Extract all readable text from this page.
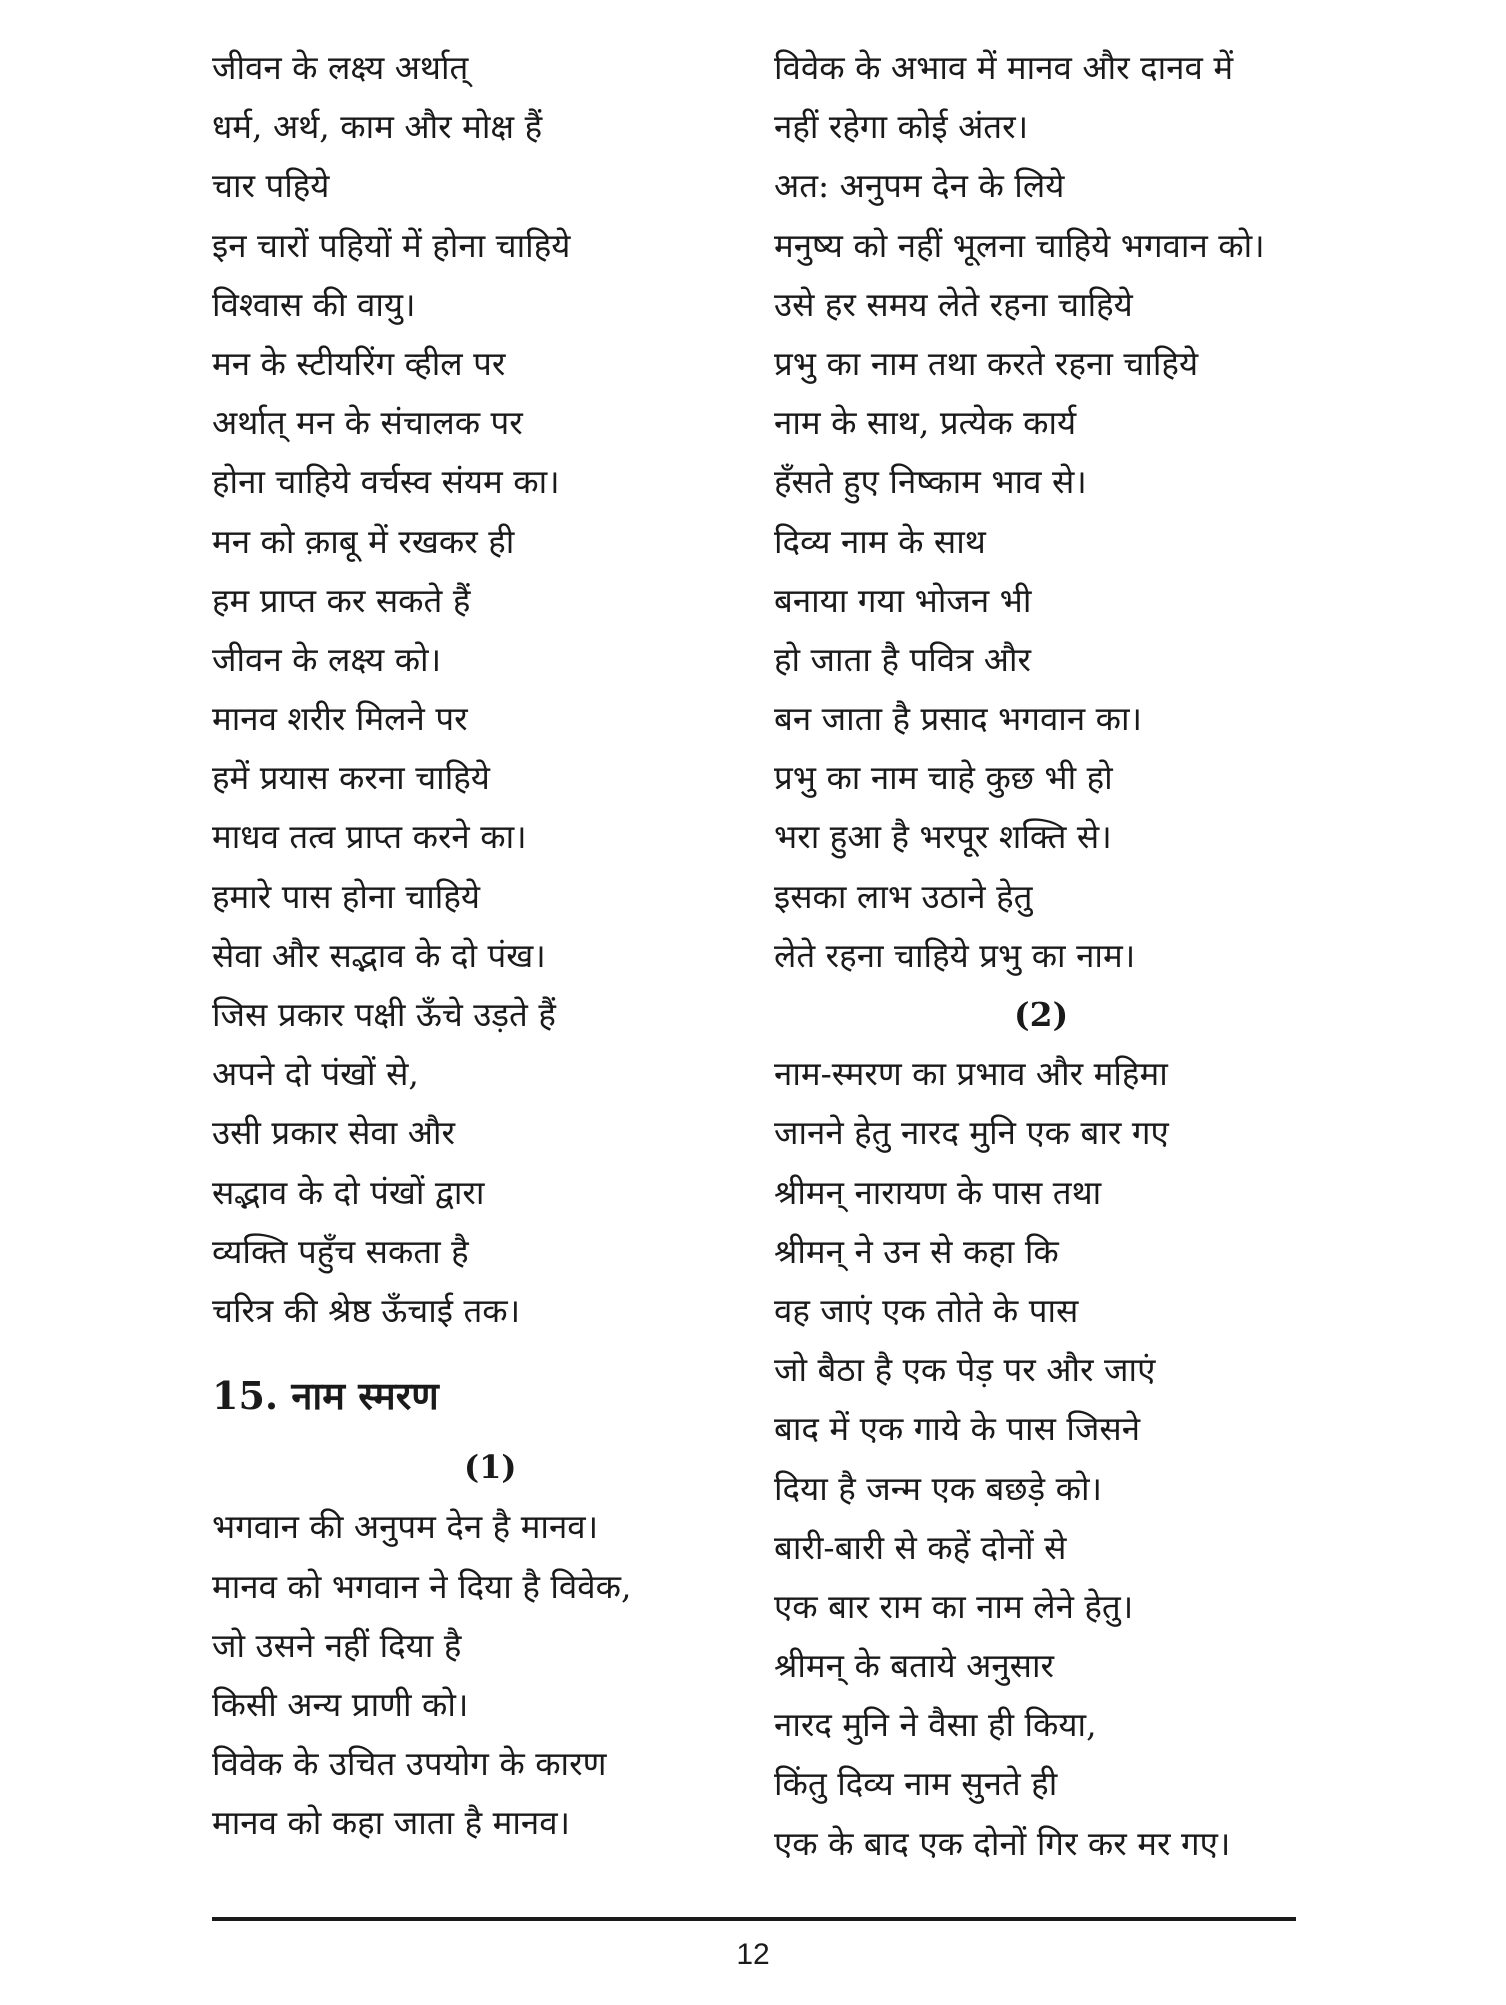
जीवन के लक्ष्य अर्थात्
धर्म, अर्थ, काम और मोक्ष हैं
चार पहिये
इन चारों पहियों में होना चाहिये
विश्वास की वायु।
मन के स्टीयरिंग व्हील पर
अर्थात् मन के संचालक पर
होना चाहिये वर्चस्व संयम का।
मन को क़ाबू में रखकर ही
हम प्राप्त कर सकते हैं
जीवन के लक्ष्य को।
मानव शरीर मिलने पर
हमें प्रयास करना चाहिये
माधव तत्व प्राप्त करने का।
हमारे पास होना चाहिये
सेवा और सद्भाव के दो पंख।
जिस प्रकार पक्षी ऊँचे उड़ते हैं
अपने दो पंखों से,
उसी प्रकार सेवा और
सद्भाव के दो पंखों द्वारा
व्यक्ति पहुँच सकता है
चरित्र की श्रेष्ठ ऊँचाई तक।
15. नाम स्मरण
(1)
भगवान की अनुपम देन है मानव।
मानव को भगवान ने दिया है विवेक,
जो उसने नहीं दिया है
किसी अन्य प्राणी को।
विवेक के उचित उपयोग के कारण
मानव को कहा जाता है मानव।
विवेक के अभाव में मानव और दानव में
नहीं रहेगा कोई अंतर।
अत: अनुपम देन के लिये
मनुष्य को नहीं भूलना चाहिये भगवान को।
उसे हर समय लेते रहना चाहिये
प्रभु का नाम तथा करते रहना चाहिये
नाम के साथ, प्रत्येक कार्य
हँसते हुए निष्काम भाव से।
दिव्य नाम के साथ
बनाया गया भोजन भी
हो जाता है पवित्र और
बन जाता है प्रसाद भगवान का।
प्रभु का नाम चाहे कुछ भी हो
भरा हुआ है भरपूर शक्ति से।
इसका लाभ उठाने हेतु
लेते रहना चाहिये प्रभु का नाम।
(2)
नाम-स्मरण का प्रभाव और महिमा
जानने हेतु नारद मुनि एक बार गए
श्रीमन् नारायण के पास तथा
श्रीमन् ने उन से कहा कि
वह जाएं एक तोते के पास
जो बैठा है एक पेड़ पर और जाएं
बाद में एक गाये के पास जिसने
दिया है जन्म एक बछड़े को।
बारी-बारी से कहें दोनों से
एक बार राम का नाम लेने हेतु।
श्रीमन् के बताये अनुसार
नारद मुनि ने वैसा ही किया,
किंतु दिव्य नाम सुनते ही
एक के बाद एक दोनों गिर कर मर गए।
12
